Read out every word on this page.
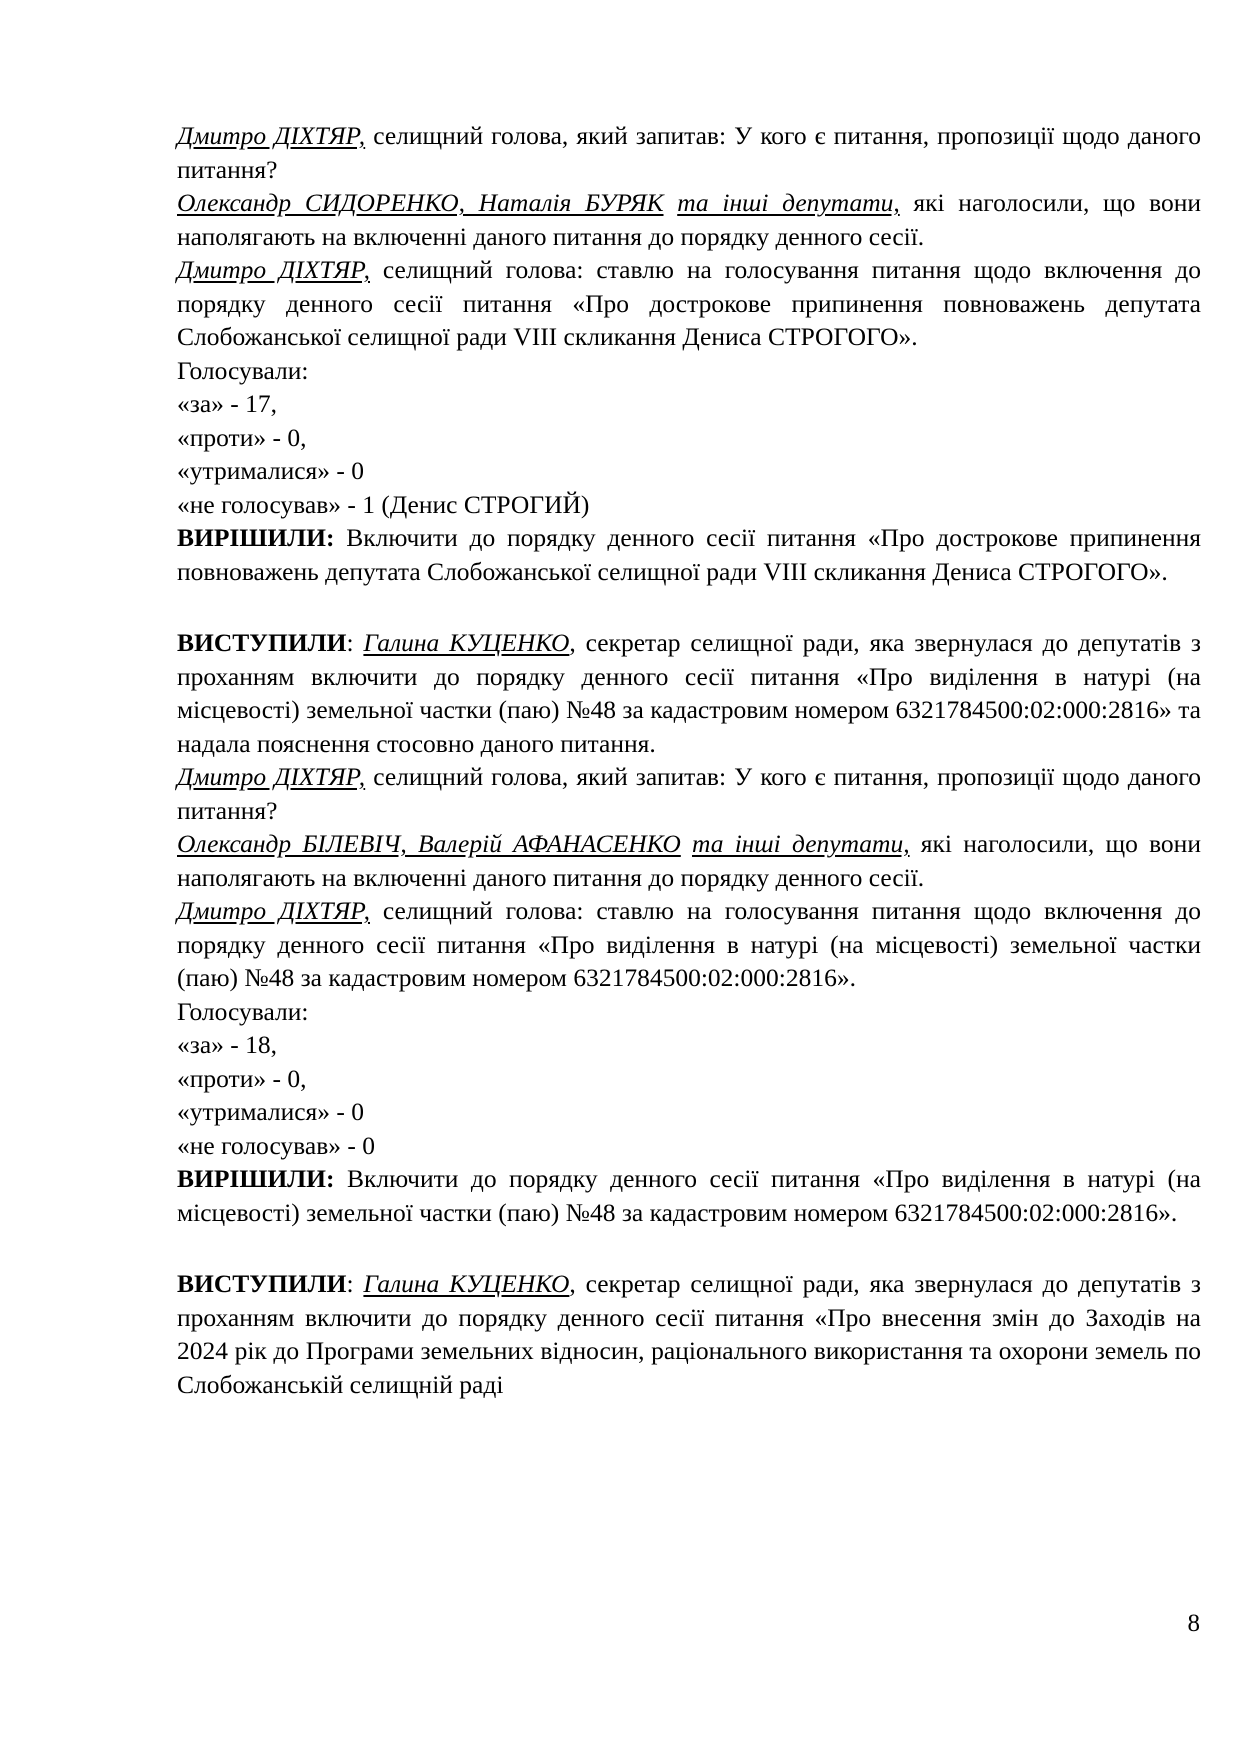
Дмитро ДІХТЯР, селищний голова, який запитав: У кого є питання, пропозиції щодо даного питання?

Олександр СИДОРЕНКО, Наталія БУРЯК та інші депутати, які наголосили, що вони наполягають на включенні даного питання до порядку денного сесії.

Дмитро ДІХТЯР, селищний голова: ставлю на голосування питання щодо включення до порядку денного сесії питання «Про дострокове припинення повноважень депутата Слобожанської селищної ради VIII скликання Дениса СТРОГОГО».

Голосували:

«за» - 17,

«проти» - 0,

«утрималися» - 0

«не голосував» - 1 (Денис СТРОГИЙ)

ВИРІШИЛИ: Включити до порядку денного сесії питання «Про дострокове припинення повноважень депутата Слобожанської селищної ради VIII скликання Дениса СТРОГОГО».

ВИСТУПИЛИ: Галина КУЦЕНКО, секретар селищної ради, яка звернулася до депутатів з проханням включити до порядку денного сесії питання «Про виділення в натурі (на місцевості) земельної частки (паю) №48 за кадастровим номером 6321784500:02:000:2816» та надала пояснення стосовно даного питання.

Дмитро ДІХТЯР, селищний голова, який запитав: У кого є питання, пропозиції щодо даного питання?

Олександр БІЛЕВІЧ, Валерій АФАНАСЕНКО та інші депутати, які наголосили, що вони наполягають на включенні даного питання до порядку денного сесії.

Дмитро ДІХТЯР, селищний голова: ставлю на голосування питання щодо включення до порядку денного сесії питання «Про виділення в натурі (на місцевості) земельної частки (паю) №48 за кадастровим номером 6321784500:02:000:2816».

Голосували:

«за» - 18,

«проти» - 0,

«утрималися» - 0

«не голосував» - 0

ВИРІШИЛИ: Включити до порядку денного сесії питання «Про виділення в натурі (на місцевості) земельної частки (паю) №48 за кадастровим номером 6321784500:02:000:2816».

ВИСТУПИЛИ: Галина КУЦЕНКО, секретар селищної ради, яка звернулася до депутатів з проханням включити до порядку денного сесії питання «Про внесення змін до Заходів на 2024 рік до Програми земельних відносин, раціонального використання та охорони земель по Слобожанській селищній раді

8
